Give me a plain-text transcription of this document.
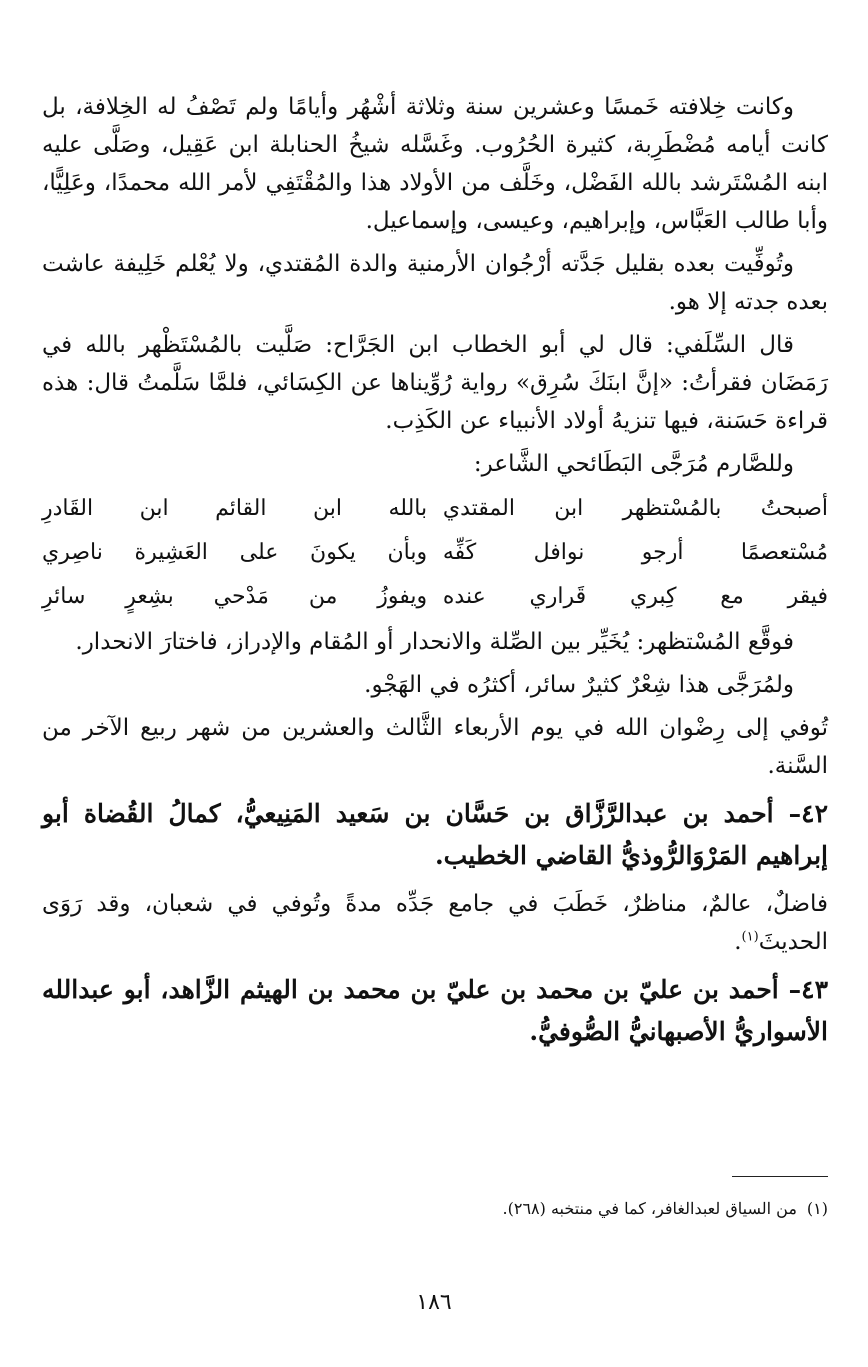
وكانت خِلافته خَمسًا وعشرين سنة وثلاثة أشْهُر وأيامًا ولم تَصْفُ له الخِلافة، بل كانت أيامه مُضْطَرِبة، كثيرة الحُرُوب. وغَسَّله شيخُ الحنابلة ابن عَقِيل، وصَلَّى عليه ابنه المُسْتَرشد بالله الفَضْل، وخَلَّف من الأولاد هذا والمُقْتَفِي لأمر الله محمدًا، وعَلِيًّا، وأبا طالب العَبَّاس، وإبراهيم، وعيسى، وإسماعيل.

وتُوفِّيت بعده بقليل جَدَّته أرْجُوان الأرمنية والدة المُقتدي، ولا يُعْلم خَلِيفة عاشت بعده جدته إلا هو.

قال السِّلَفي: قال لي أبو الخطاب ابن الجَرَّاح: صَلَّيت بالمُسْتَظْهر بالله في رَمَضَان فقرأتُ: «إنَّ ابنَكَ سُرِق» رواية رُوِّيناها عن الكِسَائي، فلمَّا سَلَّمتُ قال: هذه قراءة حَسَنة، فيها تنزيهُ أولاد الأنبياء عن الكَذِب.

وللصَّارم مُرَجَّى البَطَائحي الشَّاعر:

أصبحتُ بالمُسْتظهر ابن المقتدي
بالله ابن القائم ابن القَادرِ
مُسْتعصمًا أرجو نوافل كَفِّه
وبأن يكونَ على العَشِيرة ناصِري
فيقر مع كِبري قَراري عنده
ويفوزُ من مَدْحي بشِعرٍ سائرِ

فوقَّع المُسْتظهر: يُخَيِّر بين الصِّلة والانحدار أو المُقام والإدراز، فاختارَ الانحدار.

ولمُرَجَّى هذا شِعْرٌ كثيرٌ سائر، أكثرُه في الهَجْو.

تُوفي إلى رِضْوان الله في يوم الأربعاء الثَّالث والعشرين من شهر ربيع الآخر من السَّنة.

٤٢– أحمد بن عبدالرَّزَّاق بن حَسَّان بن سَعيد المَنِيعيُّ، كمالُ القُضاة أبو إبراهيم المَرْوَالرُّوذيُّ القاضي الخطيب.

فاضلٌ، عالمٌ، مناظرٌ، خَطَبَ في جامع جَدِّه مدةً وتُوفي في شعبان، وقد رَوَى الحديثَ$^{(١)}$.

٤٣– أحمد بن عليّ بن محمد بن عليّ بن محمد بن الهيثم الزَّاهد، أبو عبدالله الأسواريُّ الأصبهانيُّ الصُّوفيُّ.

(١)من السياق لعبدالغافر، كما في منتخبه (٢٦٨).
١٨٦
